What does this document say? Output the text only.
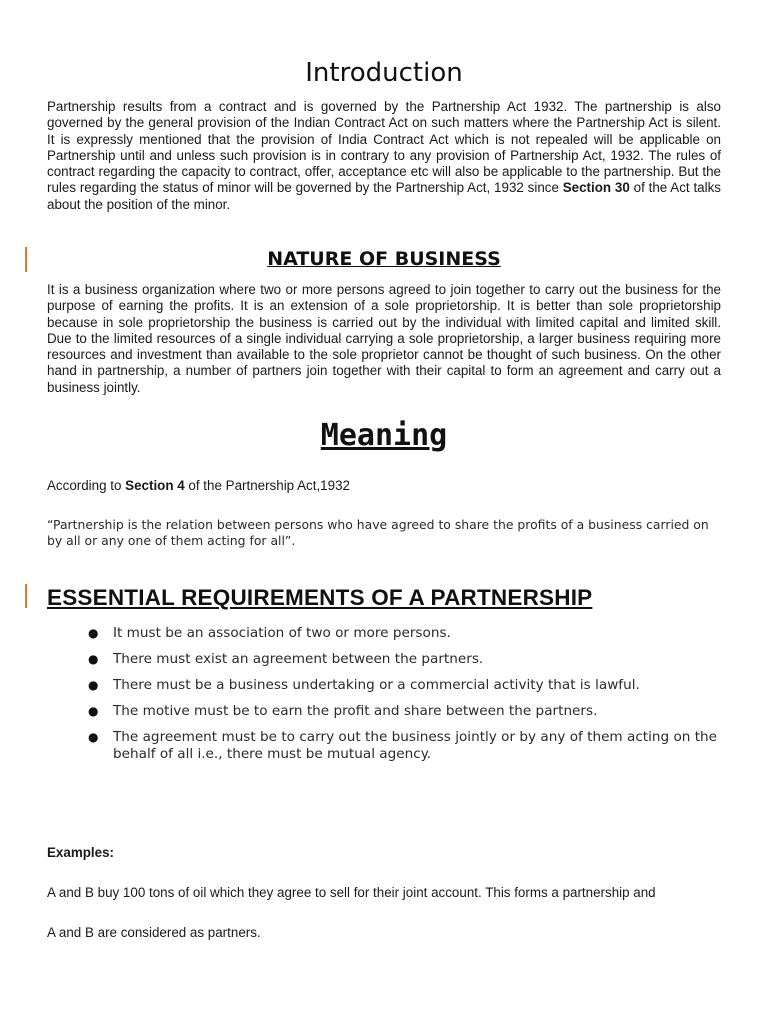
Introduction

Partnership results from a contract and is governed by the Partnership Act 1932. The partnership is also governed by the general provision of the Indian Contract Act on such matters where the Partnership Act is silent. It is expressly mentioned that the provision of India Contract Act which is not repealed will be applicable on Partnership until and unless such provision is in contrary to any provision of Partnership Act, 1932. The rules of contract regarding the capacity to contract, offer, acceptance etc will also be applicable to the partnership. But the rules regarding the status of minor will be governed by the Partnership Act, 1932 since Section 30 of the Act talks about the position of the minor.

NATURE OF BUSINESS

It is a business organization where two or more persons agreed to join together to carry out the business for the purpose of earning the profits. It is an extension of a sole proprietorship. It is better than sole proprietorship because in sole proprietorship the business is carried out by the individual with limited capital and limited skill. Due to the limited resources of a single individual carrying a sole proprietorship, a larger business requiring more resources and investment than available to the sole proprietor cannot be thought of such business. On the other hand in partnership, a number of partners join together with their capital to form an agreement and carry out a business jointly.

Meaning

According to Section 4 of the Partnership Act,1932

“Partnership is the relation between persons who have agreed to share the profits of a business carried on by all or any one of them acting for all”.

ESSENTIAL REQUIREMENTS OF A PARTNERSHIP
● It must be an association of two or more persons.
● There must exist an agreement between the partners.
● There must be a business undertaking or a commercial activity that is lawful.
● The motive must be to earn the profit and share between the partners.
● The agreement must be to carry out the business jointly or by any of them acting on the behalf of all i.e., there must be mutual agency.

Examples:

A and B buy 100 tons of oil which they agree to sell for their joint account. This forms a partnership and

A and B are considered as partners.
